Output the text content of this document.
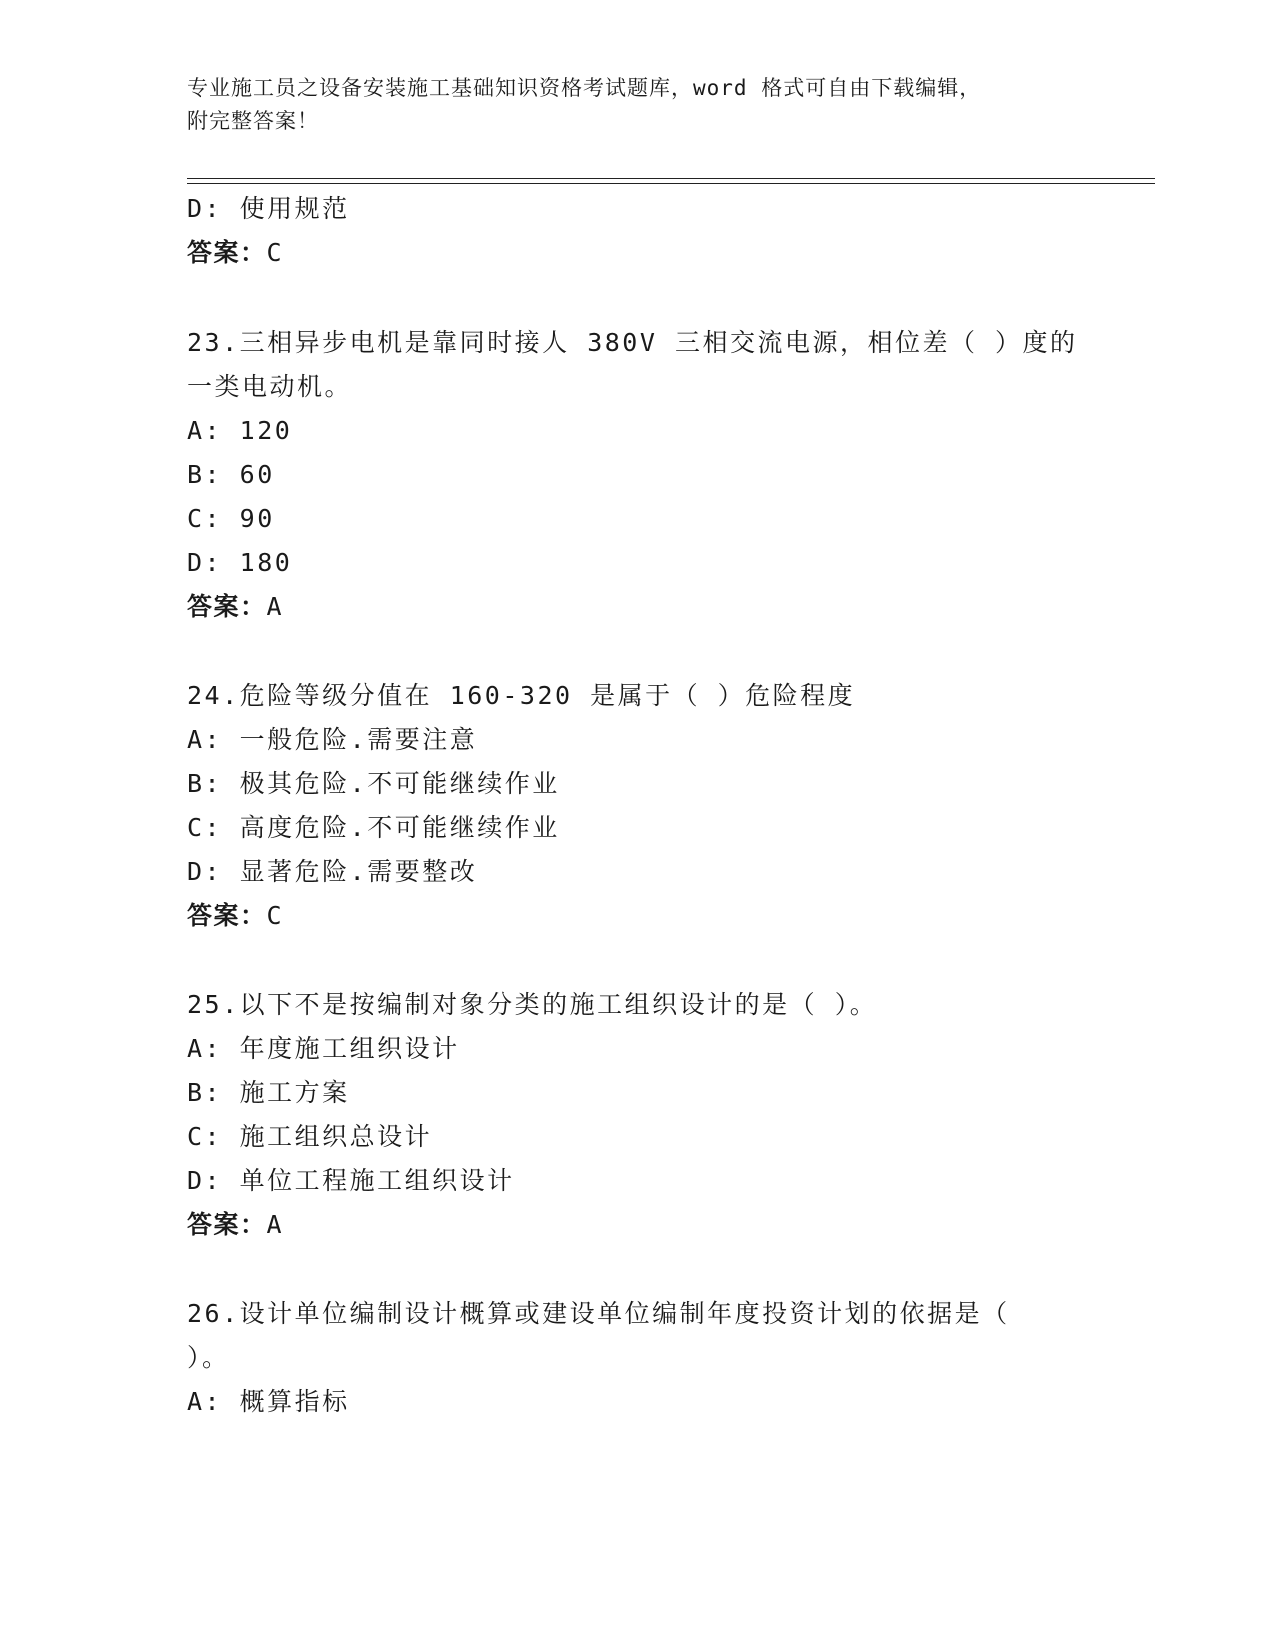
专业施工员之设备安装施工基础知识资格考试题库，word 格式可自由下载编辑，
附完整答案！
D: 使用规范
答案：C
23.三相异步电机是靠同时接人 380V 三相交流电源，相位差（ ）度的
一类电动机。
A: 120
B: 60
C: 90
D: 180
答案：A
24.危险等级分值在 160-320 是属于（ ）危险程度
A: 一般危险.需要注意
B: 极其危险.不可能继续作业
C: 高度危险.不可能继续作业
D: 显著危险.需要整改
答案：C
25.以下不是按编制对象分类的施工组织设计的是（ ）。
A: 年度施工组织设计
B: 施工方案
C: 施工组织总设计
D: 单位工程施工组织设计
答案：A
26.设计单位编制设计概算或建设单位编制年度投资计划的依据是（
）。
A: 概算指标
